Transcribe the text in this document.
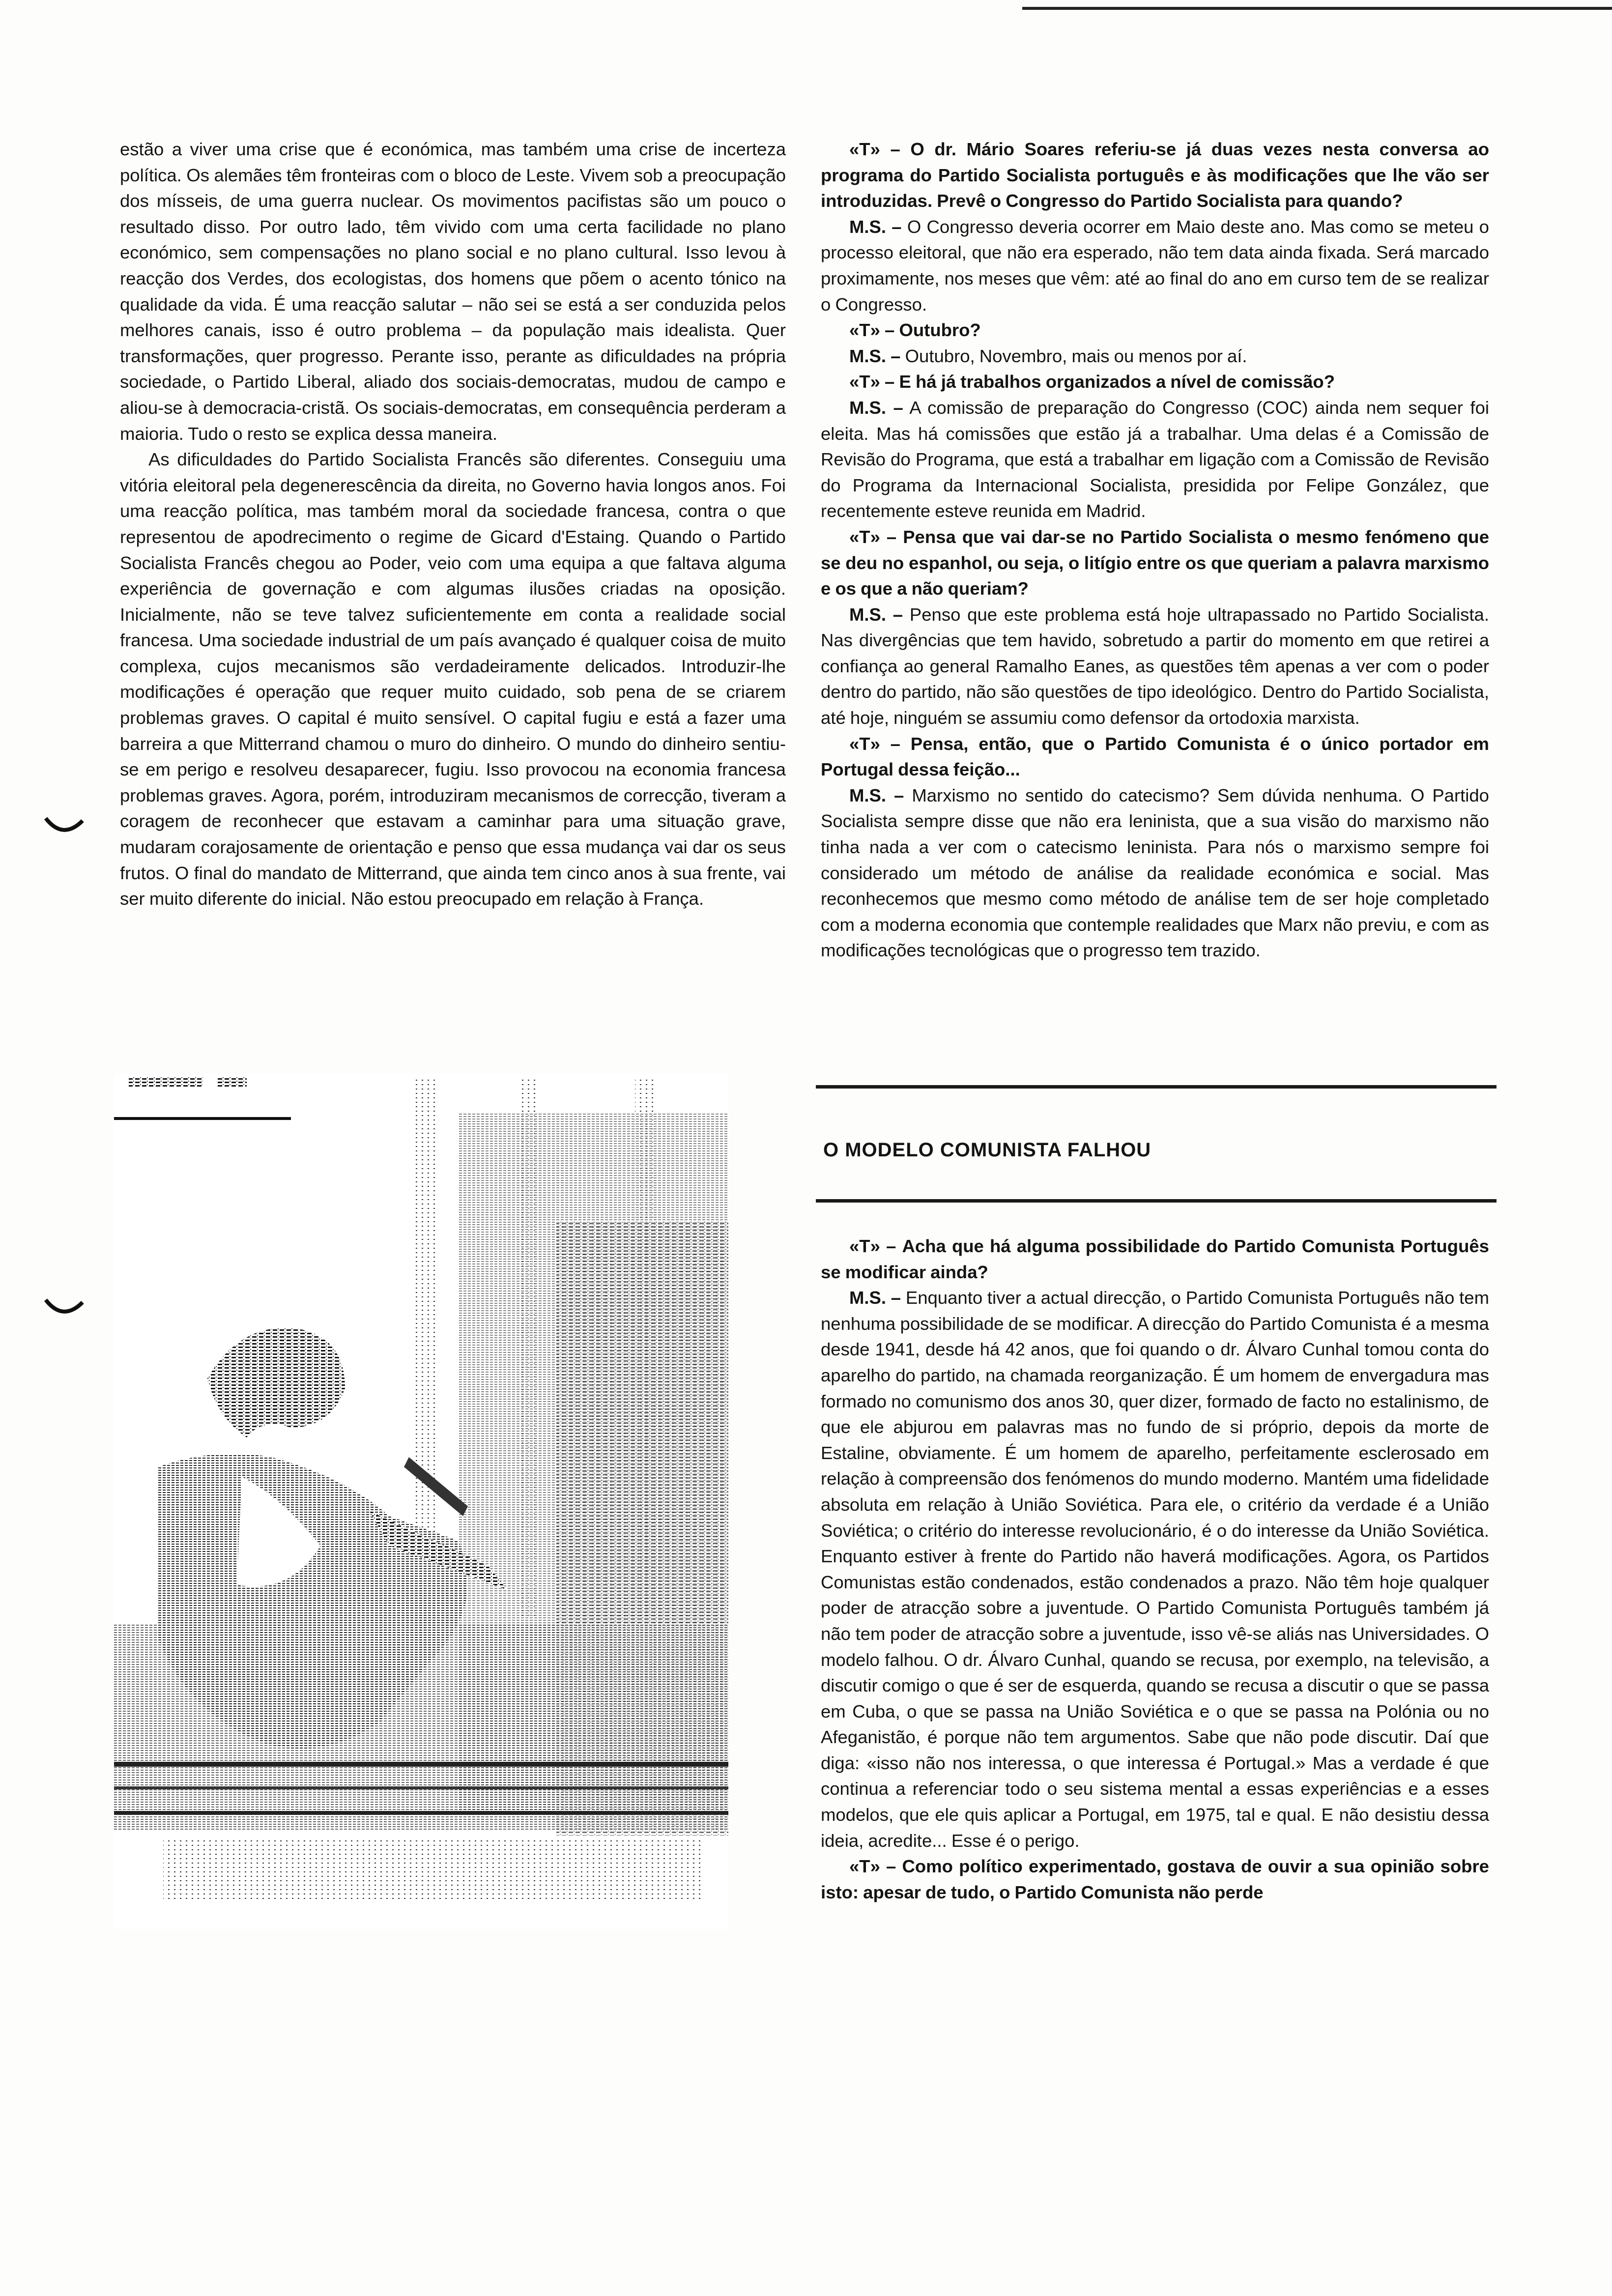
estão a viver uma crise que é económica, mas também uma crise de incerteza política. Os alemães têm fronteiras com o bloco de Leste. Vivem sob a preocupação dos mísseis, de uma guerra nuclear. Os movimentos pacifistas são um pouco o resultado disso. Por outro lado, têm vivido com uma certa facilidade no plano económico, sem compensações no plano social e no plano cultural. Isso levou à reacção dos Verdes, dos ecologistas, dos homens que põem o acento tónico na qualidade da vida. É uma reacção salutar – não sei se está a ser conduzida pelos melhores canais, isso é outro problema – da população mais idealista. Quer transformações, quer progresso. Perante isso, perante as dificuldades na própria sociedade, o Partido Liberal, aliado dos sociais-democratas, mudou de campo e aliou-se à democracia-cristã. Os sociais-democratas, em consequência perderam a maioria. Tudo o resto se explica dessa maneira.

As dificuldades do Partido Socialista Francês são diferentes. Conseguiu uma vitória eleitoral pela degenerescência da direita, no Governo havia longos anos. Foi uma reacção política, mas também moral da sociedade francesa, contra o que representou de apodrecimento o regime de Gicard d'Estaing. Quando o Partido Socialista Francês chegou ao Poder, veio com uma equipa a que faltava alguma experiência de governação e com algumas ilusões criadas na oposição. Inicialmente, não se teve talvez suficientemente em conta a realidade social francesa. Uma sociedade industrial de um país avançado é qualquer coisa de muito complexa, cujos mecanismos são verdadeiramente delicados. Introduzir-lhe modificações é operação que requer muito cuidado, sob pena de se criarem problemas graves. O capital é muito sensível. O capital fugiu e está a fazer uma barreira a que Mitterrand chamou o muro do dinheiro. O mundo do dinheiro sentiu-se em perigo e resolveu desaparecer, fugiu. Isso provocou na economia francesa problemas graves. Agora, porém, introduziram mecanismos de correcção, tiveram a coragem de reconhecer que estavam a caminhar para uma situação grave, mudaram corajosamente de orientação e penso que essa mudança vai dar os seus frutos. O final do mandato de Mitterrand, que ainda tem cinco anos à sua frente, vai ser muito diferente do inicial. Não estou preocupado em relação à França.

«T» – O dr. Mário Soares referiu-se já duas vezes nesta conversa ao programa do Partido Socialista português e às modificações que lhe vão ser introduzidas. Prevê o Congresso do Partido Socialista para quando?

M.S. – O Congresso deveria ocorrer em Maio deste ano. Mas como se meteu o processo eleitoral, que não era esperado, não tem data ainda fixada. Será marcado proximamente, nos meses que vêm: até ao final do ano em curso tem de se realizar o Congresso.

«T» – Outubro?

M.S. – Outubro, Novembro, mais ou menos por aí.

«T» – E há já trabalhos organizados a nível de comissão?

M.S. – A comissão de preparação do Congresso (COC) ainda nem sequer foi eleita. Mas há comissões que estão já a trabalhar. Uma delas é a Comissão de Revisão do Programa, que está a trabalhar em ligação com a Comissão de Revisão do Programa da Internacional Socialista, presidida por Felipe González, que recentemente esteve reunida em Madrid.

«T» – Pensa que vai dar-se no Partido Socialista o mesmo fenómeno que se deu no espanhol, ou seja, o litígio entre os que queriam a palavra marxismo e os que a não queriam?

M.S. – Penso que este problema está hoje ultrapassado no Partido Socialista. Nas divergências que tem havido, sobretudo a partir do momento em que retirei a confiança ao general Ramalho Eanes, as questões têm apenas a ver com o poder dentro do partido, não são questões de tipo ideológico. Dentro do Partido Socialista, até hoje, ninguém se assumiu como defensor da ortodoxia marxista.

«T» – Pensa, então, que o Partido Comunista é o único portador em Portugal dessa feição...

M.S. – Marxismo no sentido do catecismo? Sem dúvida nenhuma. O Partido Socialista sempre disse que não era leninista, que a sua visão do marxismo não tinha nada a ver com o catecismo leninista. Para nós o marxismo sempre foi considerado um método de análise da realidade económica e social. Mas reconhecemos que mesmo como método de análise tem de ser hoje completado com a moderna economia que contemple realidades que Marx não previu, e com as modificações tecnológicas que o progresso tem trazido.

O MODELO COMUNISTA FALHOU

«T» – Acha que há alguma possibilidade do Partido Comunista Português se modificar ainda?

M.S. – Enquanto tiver a actual direcção, o Partido Comunista Português não tem nenhuma possibilidade de se modificar. A direcção do Partido Comunista é a mesma desde 1941, desde há 42 anos, que foi quando o dr. Álvaro Cunhal tomou conta do aparelho do partido, na chamada reorganização. É um homem de envergadura mas formado no comunismo dos anos 30, quer dizer, formado de facto no estalinismo, de que ele abjurou em palavras mas no fundo de si próprio, depois da morte de Estaline, obviamente. É um homem de aparelho, perfeitamente esclerosado em relação à compreensão dos fenómenos do mundo moderno. Mantém uma fidelidade absoluta em relação à União Soviética. Para ele, o critério da verdade é a União Soviética; o critério do interesse revolucionário, é o do interesse da União Soviética. Enquanto estiver à frente do Partido não haverá modificações. Agora, os Partidos Comunistas estão condenados, estão condenados a prazo. Não têm hoje qualquer poder de atracção sobre a juventude. O Partido Comunista Português também já não tem poder de atracção sobre a juventude, isso vê-se aliás nas Universidades. O modelo falhou. O dr. Álvaro Cunhal, quando se recusa, por exemplo, na televisão, a discutir comigo o que é ser de esquerda, quando se recusa a discutir o que se passa em Cuba, o que se passa na União Soviética e o que se passa na Polónia ou no Afeganistão, é porque não tem argumentos. Sabe que não pode discutir. Daí que diga: «isso não nos interessa, o que interessa é Portugal.» Mas a verdade é que continua a referenciar todo o seu sistema mental a essas experiências e a esses modelos, que ele quis aplicar a Portugal, em 1975, tal e qual. E não desistiu dessa ideia, acredite... Esse é o perigo.

«T» – Como político experimentado, gostava de ouvir a sua opinião sobre isto: apesar de tudo, o Partido Comunista não perde
